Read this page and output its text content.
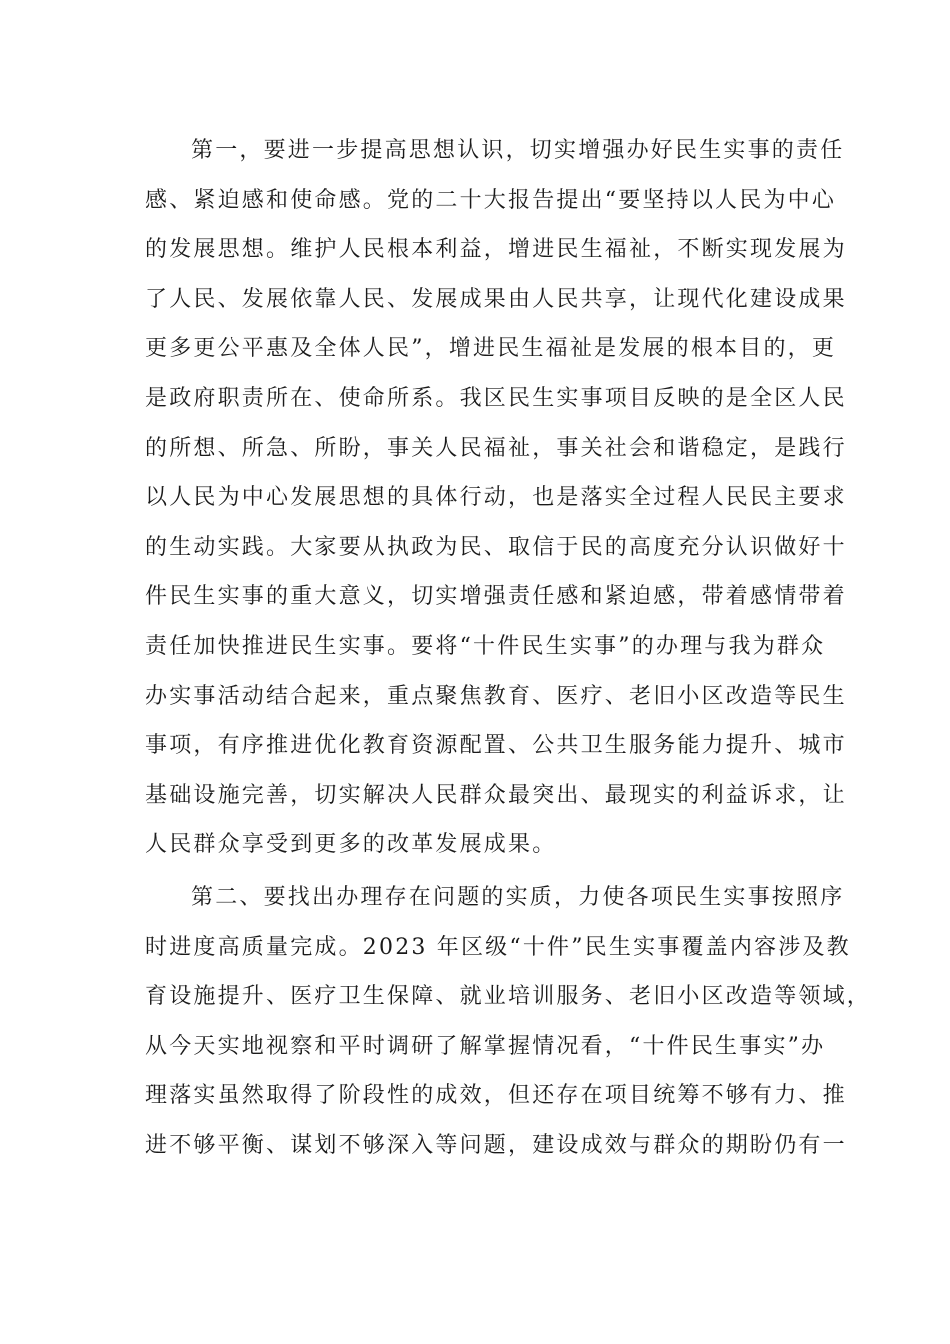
第一，要进一步提高思想认识，切实增强办好民生实事的责任
感、紧迫感和使命感。党的二十大报告提出“要坚持以人民为中心
的发展思想。维护人民根本利益，增进民生福祉，不断实现发展为
了人民、发展依靠人民、发展成果由人民共享，让现代化建设成果
更多更公平惠及全体人民”，增进民生福祉是发展的根本目的，更
是政府职责所在、使命所系。我区民生实事项目反映的是全区人民
的所想、所急、所盼，事关人民福祉，事关社会和谐稳定，是践行
以人民为中心发展思想的具体行动，也是落实全过程人民民主要求
的生动实践。大家要从执政为民、取信于民的高度充分认识做好十
件民生实事的重大意义，切实增强责任感和紧迫感，带着感情带着
责任加快推进民生实事。要将“十件民生实事”的办理与我为群众
办实事活动结合起来，重点聚焦教育、医疗、老旧小区改造等民生
事项，有序推进优化教育资源配置、公共卫生服务能力提升、城市
基础设施完善，切实解决人民群众最突出、最现实的利益诉求，让
人民群众享受到更多的改革发展成果。
第二、要找出办理存在问题的实质，力使各项民生实事按照序
时进度高质量完成。2023 年区级“十件”民生实事覆盖内容涉及教
育设施提升、医疗卫生保障、就业培训服务、老旧小区改造等领域，
从今天实地视察和平时调研了解掌握情况看，“十件民生事实”办
理落实虽然取得了阶段性的成效，但还存在项目统筹不够有力、推
进不够平衡、谋划不够深入等问题，建设成效与群众的期盼仍有一
